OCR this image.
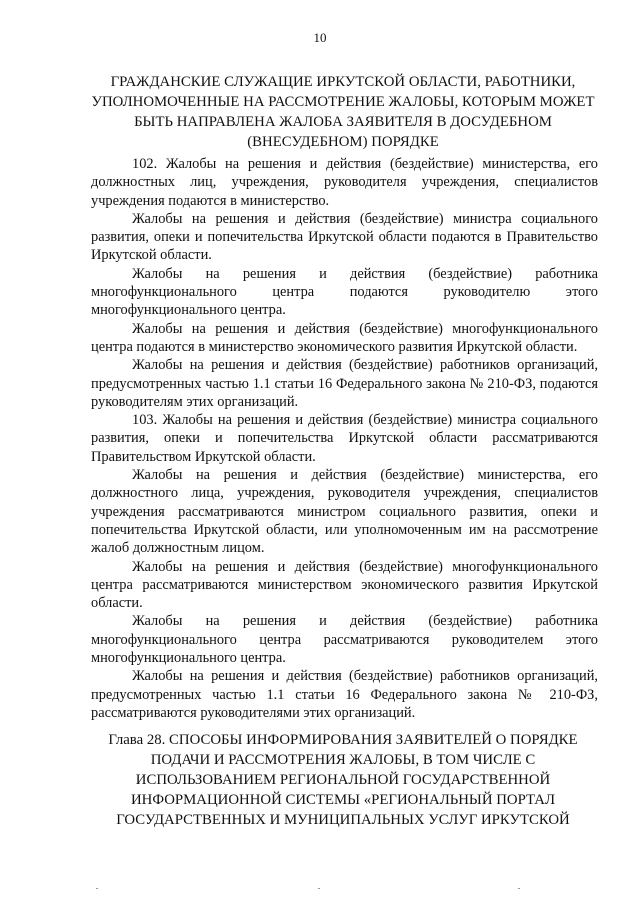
10
ГРАЖДАНСКИЕ СЛУЖАЩИЕ ИРКУТСКОЙ ОБЛАСТИ, РАБОТНИКИ, УПОЛНОМОЧЕННЫЕ НА РАССМОТРЕНИЕ ЖАЛОБЫ, КОТОРЫМ МОЖЕТ БЫТЬ НАПРАВЛЕНА ЖАЛОБА ЗАЯВИТЕЛЯ В ДОСУДЕБНОМ (ВНЕСУДЕБНОМ) ПОРЯДКЕ

102. Жалобы на решения и действия (бездействие) министерства, его должностных лиц, учреждения, руководителя учреждения, специалистов учреждения подаются в министерство.

Жалобы на решения и действия (бездействие) министра социального развития, опеки и попечительства Иркутской области подаются в Правительство Иркутской области.

Жалобы на решения и действия (бездействие) работника многофункционального центра подаются руководителю этого многофункционального центра.

Жалобы на решения и действия (бездействие) многофункционального центра подаются в министерство экономического развития Иркутской области.

Жалобы на решения и действия (бездействие) работников организаций, предусмотренных частью 1.1 статьи 16 Федерального закона № 210-ФЗ, подаются руководителям этих организаций.

103. Жалобы на решения и действия (бездействие) министра социального развития, опеки и попечительства Иркутской области рассматриваются Правительством Иркутской области.

Жалобы на решения и действия (бездействие) министерства, его должностного лица, учреждения, руководителя учреждения, специалистов учреждения рассматриваются министром социального развития, опеки и попечительства Иркутской области, или уполномоченным им на рассмотрение жалоб должностным лицом.

Жалобы на решения и действия (бездействие) многофункционального центра рассматриваются министерством экономического развития Иркутской области.

Жалобы на решения и действия (бездействие) работника многофункционального центра рассматриваются руководителем этого многофункционального центра.

Жалобы на решения и действия (бездействие) работников организаций, предусмотренных частью 1.1 статьи 16 Федерального закона № 210-ФЗ, рассматриваются руководителями этих организаций.

Глава 28. СПОСОБЫ ИНФОРМИРОВАНИЯ ЗАЯВИТЕЛЕЙ О ПОРЯДКЕ ПОДАЧИ И РАССМОТРЕНИЯ ЖАЛОБЫ, В ТОМ ЧИСЛЕ С ИСПОЛЬЗОВАНИЕМ РЕГИОНАЛЬНОЙ ГОСУДАРСТВЕННОЙ ИНФОРМАЦИОННОЙ СИСТЕМЫ «РЕГИОНАЛЬНЫЙ ПОРТАЛ ГОСУДАРСТВЕННЫХ И МУНИЦИПАЛЬНЫХ УСЛУГ ИРКУТСКОЙ
